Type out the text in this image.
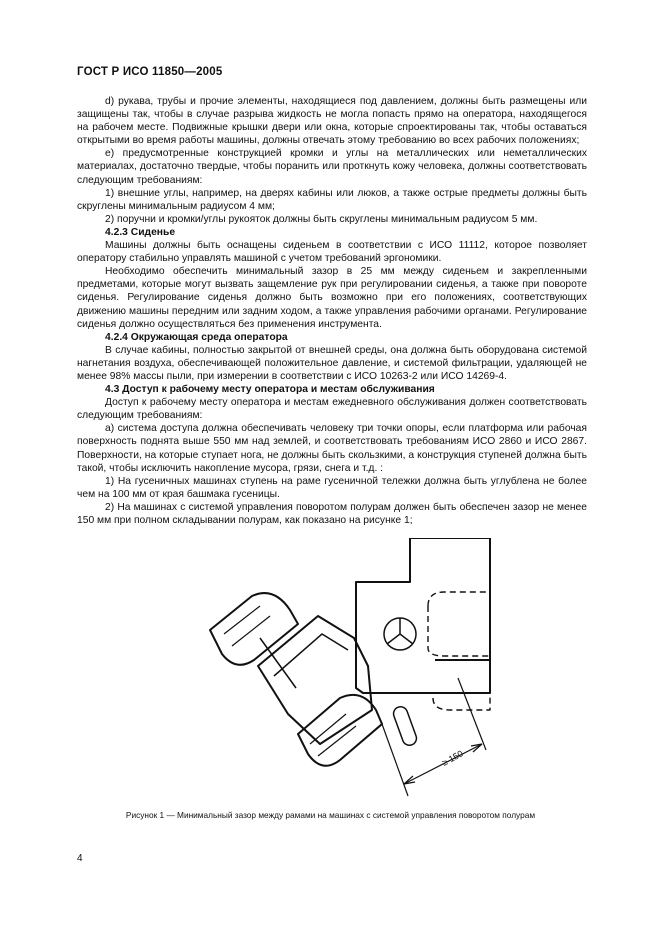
ГОСТ Р ИСО 11850—2005

d) рукава, трубы и прочие элементы, находящиеся под давлением, должны быть размещены или защищены так, чтобы в случае разрыва жидкость не могла попасть прямо на оператора, находящегося на рабочем месте. Подвижные крышки двери или окна, которые спроектированы так, чтобы оставаться открытыми во время работы машины, должны отвечать этому требованию во всех рабочих положениях;

e) предусмотренные конструкцией кромки и углы на металлических или неметаллических материалах, достаточно твердые, чтобы поранить или проткнуть кожу человека, должны соответствовать следующим требованиям:

1) внешние углы, например, на дверях кабины или люков, а также острые предметы должны быть скруглены минимальным радиусом 4 мм;

2) поручни и кромки/углы рукояток должны быть скруглены минимальным радиусом 5 мм.

4.2.3 Сиденье

Машины должны быть оснащены сиденьем в соответствии с ИСО 11112, которое позволяет оператору стабильно управлять машиной с учетом требований эргономики.

Необходимо обеспечить минимальный зазор в 25 мм между сиденьем и закрепленными предметами, которые могут вызвать защемление рук при регулировании сиденья, а также при повороте сиденья. Регулирование сиденья должно быть возможно при его положениях, соответствующих движению машины передним или задним ходом, а также управления рабочими органами. Регулирование сиденья должно осуществляться без применения инструмента.

4.2.4 Окружающая среда оператора

В случае кабины, полностью закрытой от внешней среды, она должна быть оборудована системой нагнетания воздуха, обеспечивающей положительное давление, и системой фильтрации, удаляющей не менее 98% массы пыли, при измерении в соответствии с ИСО 10263-2 или ИСО 14269-4.

4.3 Доступ к рабочему месту оператора и местам обслуживания

Доступ к рабочему месту оператора и местам ежедневного обслуживания должен соответствовать следующим требованиям:

a) система доступа должна обеспечивать человеку три точки опоры, если платформа или рабочая поверхность поднята выше 550 мм над землей, и соответствовать требованиям ИСО 2860 и ИСО 2867. Поверхности, на которые ступает нога, не должны быть скользкими, а конструкция ступеней должна быть такой, чтобы исключить накопление мусора, грязи, снега и т.д. :

1) На гусеничных машинах ступень на раме гусеничной тележки должна быть углублена не более чем на 100 мм от края башмака гусеницы.

2) На машинах с системой управления поворотом полурам должен быть обеспечен зазор не менее 150 мм при полном складывании полурам, как показано на рисунке 1;

≥ 150
Рисунок 1 — Минимальный зазор между рамами на машинах с системой управления поворотом полурам
4
